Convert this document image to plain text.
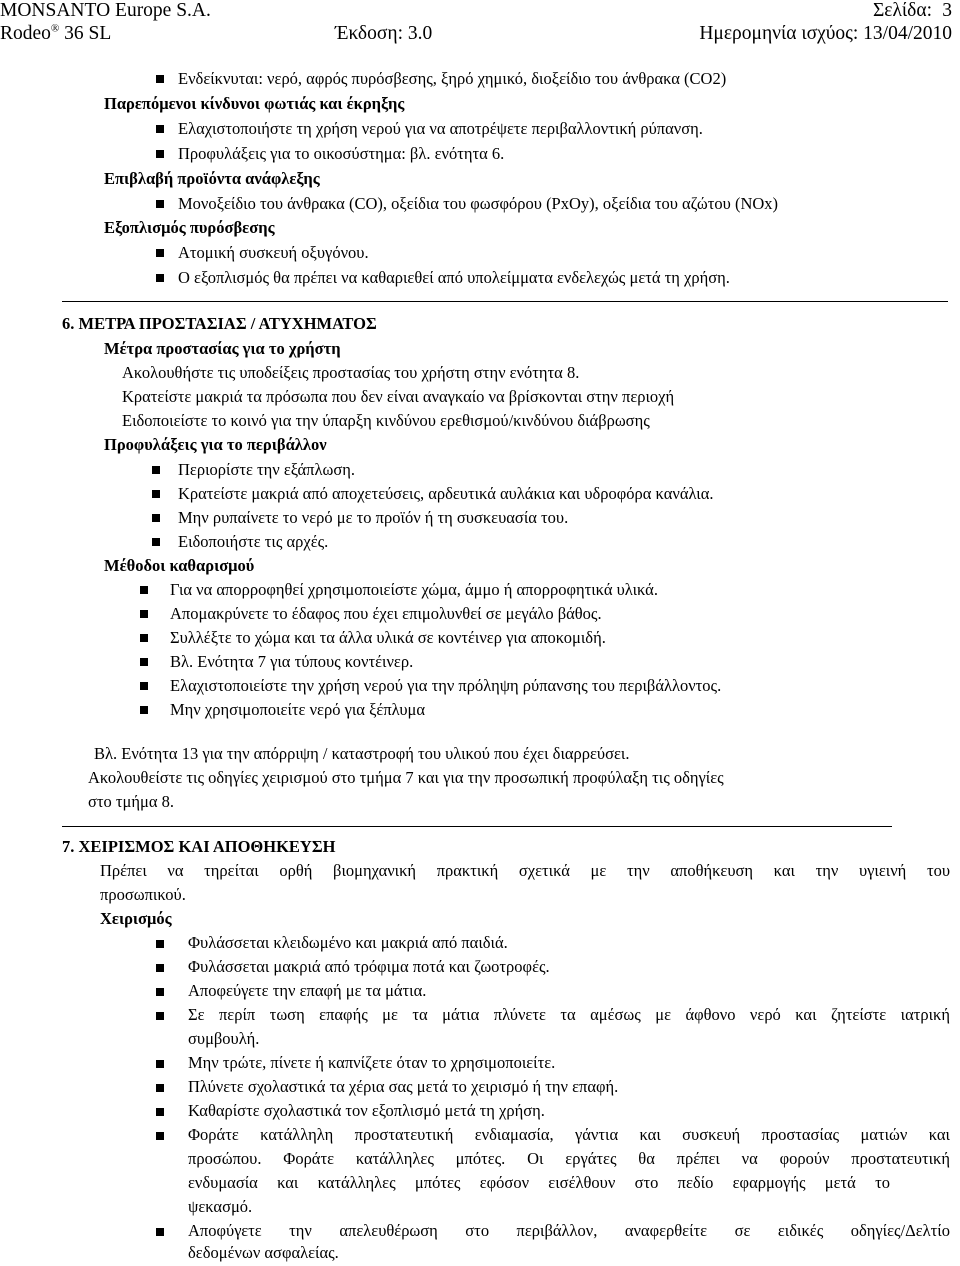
MONSANTO Europe S.A.	Σελίδα: 3
Rodeo® 36 SL	Έκδοση: 3.0	Ημερομηνία ισχύος: 13/04/2010
Ενδείκνυται: νερό, αφρός πυρόσβεσης, ξηρό χημικό, διοξείδιο του άνθρακα (CO2)
Παρεπόμενοι κίνδυνοι φωτιάς και έκρηξης
Ελαχιστοποιήστε τη χρήση νερού για να αποτρέψετε περιβαλλοντική ρύπανση.
Προφυλάξεις για το οικοσύστημα: βλ. ενότητα 6.
Επιβλαβή προϊόντα ανάφλεξης
Μονοξείδιο του άνθρακα (CO), οξείδια του φωσφόρου (PxOy), οξείδια του αζώτου (NOx)
Εξοπλισμός πυρόσβεσης
Ατομική συσκευή οξυγόνου.
Ο εξοπλισμός θα πρέπει να καθαριεθεί από υπολείμματα ενδελεχώς μετά τη χρήση.
6. ΜΕΤΡΑ ΠΡΟΣΤΑΣΙΑΣ / ΑΤΥΧΗΜΑΤΟΣ
Μέτρα προστασίας για το χρήστη
Ακολουθήστε τις υποδείξεις προστασίας του χρήστη στην ενότητα 8.
Κρατείστε μακριά τα πρόσωπα που δεν είναι αναγκαίο να βρίσκονται στην περιοχή
Ειδοποιείστε το κοινό για την ύπαρξη κινδύνου ερεθισμού/κινδύνου διάβρωσης
Προφυλάξεις για το περιβάλλον
Περιορίστε την εξάπλωση.
Κρατείστε μακριά από αποχετεύσεις, αρδευτικά αυλάκια και υδροφόρα κανάλια.
Μην ρυπαίνετε το νερό με το προϊόν ή τη συσκευασία του.
Ειδοποιήστε τις αρχές.
Μέθοδοι καθαρισμού
Για να απορροφηθεί χρησιμοποιείστε χώμα, άμμο ή απορροφητικά υλικά.
Απομακρύνετε το έδαφος που έχει επιμολυνθεί σε μεγάλο βάθος.
Συλλέξτε το χώμα και τα άλλα υλικά σε κοντέινερ για αποκομιδή.
Βλ. Ενότητα 7 για τύπους κοντέινερ.
Ελαχιστοποιείστε την χρήση νερού για την πρόληψη ρύπανσης του περιβάλλοντος.
Μην χρησιμοποιείτε νερό για ξέπλυμα
Βλ. Ενότητα 13 για την απόρριψη / καταστροφή του υλικού που έχει διαρρεύσει.
Ακολουθείστε τις οδηγίες χειρισμού στο τμήμα 7 και για την προσωπική προφύλαξη τις οδηγίες
στο τμήμα 8.
7. ΧΕΙΡΙΣΜΟΣ ΚΑΙ ΑΠΟΘΗΚΕΥΣΗ
Πρέπει να τηρείται ορθή βιομηχανική πρακτική σχετικά με την αποθήκευση και την υγιεινή του
προσωπικού.
Χειρισμός
Φυλάσσεται κλειδωμένο και μακριά από παιδιά.
Φυλάσσεται μακριά από τρόφιμα ποτά και ζωοτροφές.
Αποφεύγετε την επαφή με τα μάτια.
Σε περίπ τωση επαφής με τα μάτια πλύνετε τα αμέσως με άφθονο νερό και ζητείστε ιατρική
συμβουλή.
Μην τρώτε, πίνετε ή καπνίζετε όταν το χρησιμοποιείτε.
Πλύνετε σχολαστικά τα χέρια σας μετά το χειρισμό ή την επαφή.
Καθαρίστε σχολαστικά τον εξοπλισμό μετά τη χρήση.
Φοράτε κατάλληλη προστατευτική ενδιαμασία, γάντια και συσκευή προστασίας ματιών και
προσώπου. Φοράτε κατάλληλες μπότες. Οι εργάτες θα πρέπει να φορούν προστατευτική
ενδυμασία και κατάλληλες μπότες εφόσον εισέλθουν στο πεδίο εφαρμογής μετά το
ψεκασμό.
Αποφύγετε την απελευθέρωση στο περιβάλλον, αναφερθείτε σε ειδικές οδηγίες/Δελτίο
δεδομένων ασφαλείας.
